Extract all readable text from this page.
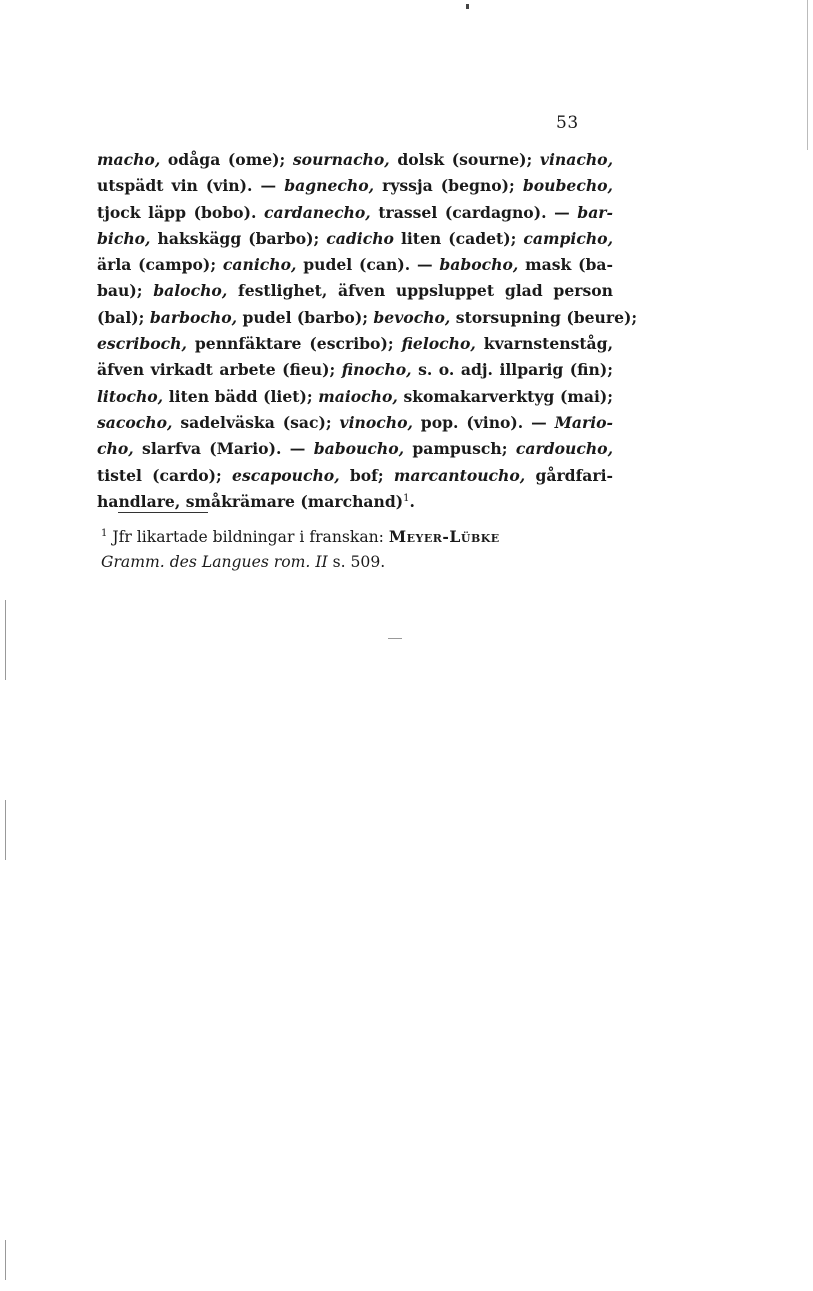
53
macho, odåga (ome); sournacho, dolsk (sourne); vinacho,
utspädt vin (vin). — bagnecho, ryssja (begno); boubecho,
tjock läpp (bobo). cardanecho, trassel (cardagno). — bar-
bicho, hakskägg (barbo); cadicho liten (cadet); campicho,
ärla (campo); canicho, pudel (can). — babocho, mask (ba-
bau); balocho, festlighet, äfven uppsluppet glad person
(bal); barbocho, pudel (barbo); bevocho, storsupning (beure);
escriboch, pennfäktare (escribo); fielocho, kvarnstenståg,
äfven virkadt arbete (fieu); finocho, s. o. adj. illparig (fin);
litocho, liten bädd (liet); maiocho, skomakarverktyg (mai);
sacocho, sadelväska (sac); vinocho, pop. (vino). — Mario-
cho, slarfva (Mario). — baboucho, pampusch; cardoucho,
tistel (cardo); escapoucho, bof; marcantoucho, gårdfari-
handlare, småkrämare (marchand)$^1$.
$^1$ Jfr likartade bildningar i franskan: Meyer-Lübke
Gramm. des Langues rom. II s. 509.
